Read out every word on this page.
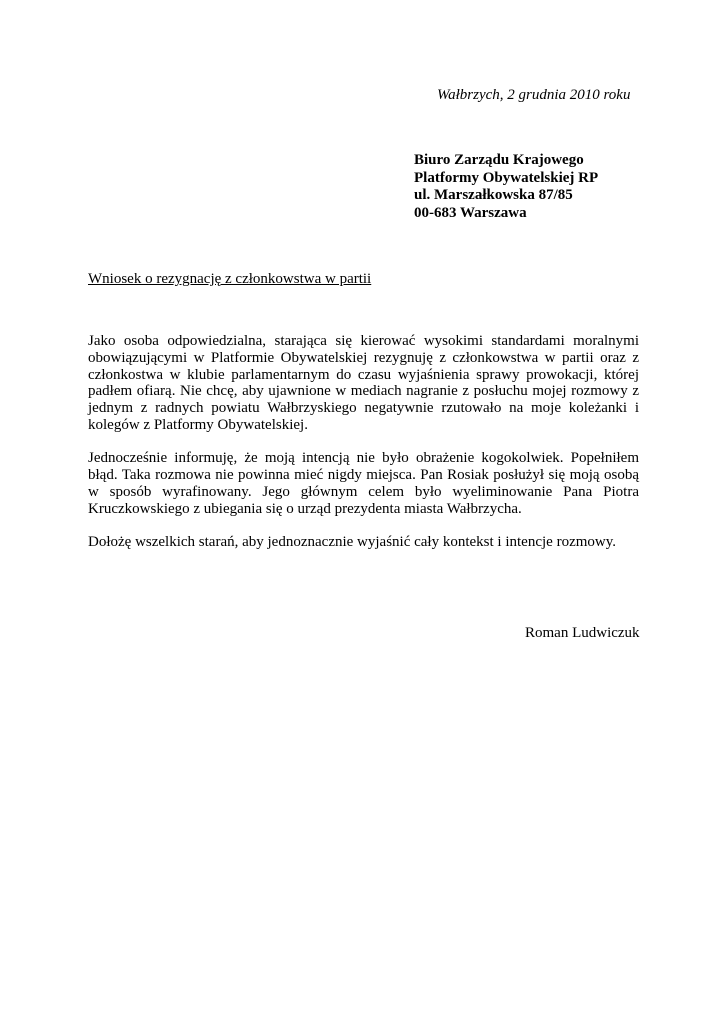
Wałbrzych, 2 grudnia 2010 roku
Biuro Zarządu Krajowego
Platformy Obywatelskiej RP
ul. Marszałkowska 87/85
00-683 Warszawa
Wniosek o rezygnację z członkowstwa w partii

Jako osoba odpowiedzialna, starająca się kierować wysokimi standardami moralnymi obowiązującymi w Platformie Obywatelskiej rezygnuję z członkowstwa w partii oraz z członkostwa w klubie parlamentarnym do czasu wyjaśnienia sprawy prowokacji, której padłem ofiarą. Nie chcę, aby ujawnione w mediach nagranie z posłuchu mojej rozmowy z jednym z radnych powiatu Wałbrzyskiego negatywnie rzutowało na moje koleżanki i kolegów z Platformy Obywatelskiej.

Jednocześnie informuję, że moją intencją nie było obrażenie kogokolwiek. Popełniłem błąd. Taka rozmowa nie powinna mieć nigdy miejsca. Pan Rosiak posłużył się moją osobą w sposób wyrafinowany. Jego głównym celem było wyeliminowanie Pana Piotra Kruczkowskiego z ubiegania się o urząd prezydenta miasta Wałbrzycha.

Dołożę wszelkich starań, aby jednoznacznie wyjaśnić cały kontekst i intencje rozmowy.

Roman Ludwiczuk
